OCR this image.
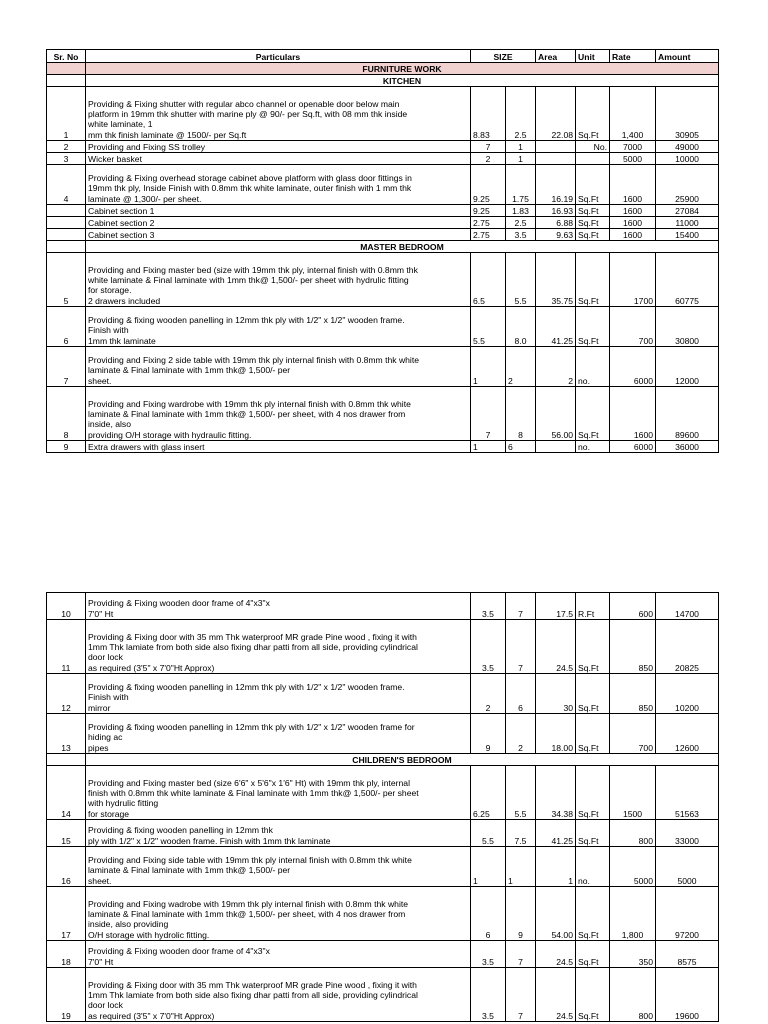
Sr. No	Particulars	SIZE		Area	Unit	Rate	Amount
	FURNITURE WORK						
	KITCHEN						
1	Providing & Fixing shutter with regular abco channel or openable door below main
platform in 19mm thk shutter with marine ply @ 90/- per Sq.ft, with 08 mm thk inside
white laminate, 1
mm thk finish laminate @ 1500/- per Sq.ft	8.83	2.5	22.08	Sq.Ft	1,400	30905
2	Providing and Fixing SS trolley	7	1		No.	7000	49000
3	Wicker basket	2	1			5000	10000
4	Providing & Fixing overhead storage cabinet above platform with glass door fittings in
19mm thk ply, Inside Finish with 0.8mm thk white laminate, outer finish with 1 mm thk
laminate @ 1,300/- per sheet.	9.25	1.75	16.19	Sq.Ft	1600	25900
	Cabinet section 1	9.25	1.83	16.93	Sq.Ft	1600	27084
	Cabinet section 2	2.75	2.5	6.88	Sq.Ft	1600	11000
	Cabinet section 3	2.75	3.5	9.63	Sq.Ft	1600	15400
	MASTER BEDROOM						
5	Providing and Fixing master bed (size with 19mm thk ply, internal finish with 0.8mm thk
white laminate & Final laminate with 1mm thk@ 1,500/- per sheet with hydrulic fitting
for storage.
2 drawers included	6.5	5.5	35.75	Sq.Ft	1700	60775
6	Providing & fixing wooden panelling in 12mm thk ply with 1/2" x 1/2" wooden frame.
Finish with
1mm thk laminate	5.5	8.0	41.25	Sq.Ft	700	30800
7	Providing and Fixing 2 side table with 19mm thk ply internal finish with 0.8mm thk white
laminate & Final laminate with 1mm thk@ 1,500/- per
sheet.	1	2	2	no.	6000	12000
8	Providing and Fixing wardrobe with 19mm thk ply internal finish with 0.8mm thk white
laminate & Final laminate with 1mm thk@ 1,500/- per sheet, with 4 nos drawer from
inside, also
providing O/H storage with hydraulic fitting.	7	8	56.00	Sq.Ft	1600	89600
9	Extra drawers with glass insert	1	6		no.	6000	36000
10	Providing & Fixing wooden door frame of 4"x3"x
7'0" Ht	3.5	7	17.5	R.Ft	600	14700
11	Providing & Fixing door with 35 mm Thk waterproof MR grade Pine wood , fixing it with
1mm Thk lamiate from both side also fixing dhar patti from all side, providing cylindrical
door lock
as required (3'5" x 7'0"Ht Approx)	3.5	7	24.5	Sq.Ft	850	20825
12	Providing & fixing wooden panelling in 12mm thk ply with 1/2" x 1/2" wooden frame.
Finish with
mirror	2	6	30	Sq.Ft	850	10200
13	Providing & fixing wooden panelling in 12mm thk ply with 1/2" x 1/2" wooden frame for
hiding ac
pipes	9	2	18.00	Sq.Ft	700	12600
	CHILDREN'S BEDROOM						
14	Providing and Fixing master bed (size 6'6" x 5'6"x 1'6" Ht) with 19mm thk ply, internal
finish with 0.8mm thk white laminate & Final laminate with 1mm thk@ 1,500/- per sheet
with hydrulic fitting
for storage	6.25	5.5	34.38	Sq.Ft	1500	51563
15	Providing & fixing wooden panelling in 12mm thk
ply with 1/2" x 1/2" wooden frame. Finish with 1mm thk laminate	5.5	7.5	41.25	Sq.Ft	800	33000
16	Providing and Fixing side table with 19mm thk ply internal finish with 0.8mm thk white
laminate & Final laminate with 1mm thk@ 1,500/- per
sheet.	1	1	1	no.	5000	5000
17	Providing and Fixing wadrobe with 19mm thk ply internal finish with 0.8mm thk white
laminate & Final laminate with 1mm thk@ 1,500/- per sheet, with 4 nos drawer from
inside, also providing
O/H storage with hydrolic fitting.	6	9	54.00	Sq.Ft	1,800	97200
18	Providing & Fixing wooden door frame of 4"x3"x
7'0" Ht	3.5	7	24.5	Sq.Ft	350	8575
19	Providing & Fixing door with 35 mm Thk waterproof MR grade Pine wood , fixing it with
1mm Thk lamiate from both side also fixing dhar patti from all side, providing cylindrical
door lock
as required (3'5" x 7'0"Ht Approx)	3.5	7	24.5	Sq.Ft	800	19600
